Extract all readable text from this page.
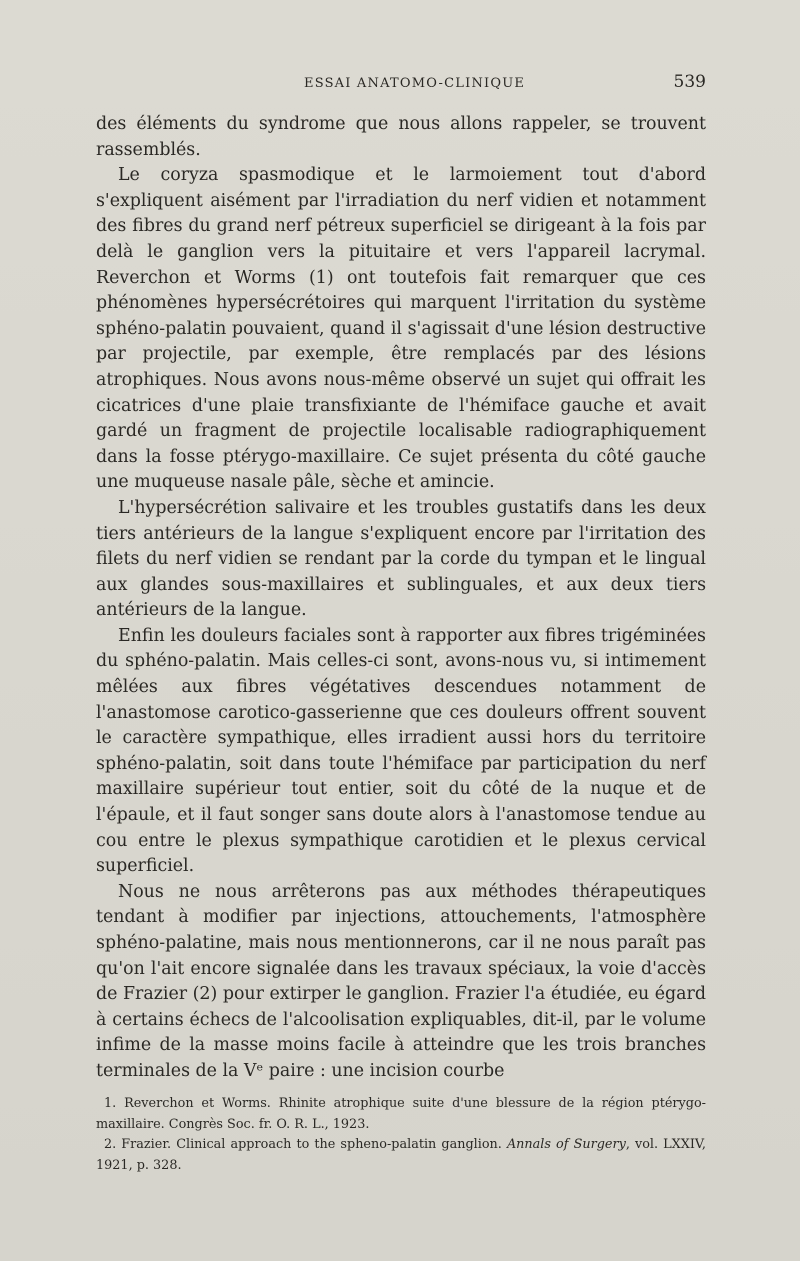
ESSAI ANATOMO-CLINIQUE	539

des éléments du syndrome que nous allons rappeler, se trouvent rassemblés.

Le coryza spasmodique et le larmoiement tout d'abord s'expliquent aisément par l'irradiation du nerf vidien et notamment des fibres du grand nerf pétreux superficiel se dirigeant à la fois par delà le ganglion vers la pituitaire et vers l'appareil lacrymal. Reverchon et Worms (1) ont toutefois fait remarquer que ces phénomènes hypersécrétoires qui marquent l'irritation du système sphéno-palatin pouvaient, quand il s'agissait d'une lésion destructive par projectile, par exemple, être remplacés par des lésions atrophiques. Nous avons nous-même observé un sujet qui offrait les cicatrices d'une plaie transfixiante de l'hémiface gauche et avait gardé un fragment de projectile localisable radiographiquement dans la fosse ptérygo-maxillaire. Ce sujet présenta du côté gauche une muqueuse nasale pâle, sèche et amincie.

L'hypersécrétion salivaire et les troubles gustatifs dans les deux tiers antérieurs de la langue s'expliquent encore par l'irritation des filets du nerf vidien se rendant par la corde du tympan et le lingual aux glandes sous-maxillaires et sublinguales, et aux deux tiers antérieurs de la langue.

Enfin les douleurs faciales sont à rapporter aux fibres trigéminées du sphéno-palatin. Mais celles-ci sont, avons-nous vu, si intimement mêlées aux fibres végétatives descendues notamment de l'anastomose carotico-gasserienne que ces douleurs offrent souvent le caractère sympathique, elles irradient aussi hors du territoire sphéno-palatin, soit dans toute l'hémiface par participation du nerf maxillaire supérieur tout entier, soit du côté de la nuque et de l'épaule, et il faut songer sans doute alors à l'anastomose tendue au cou entre le plexus sympathique carotidien et le plexus cervical superficiel.

Nous ne nous arrêterons pas aux méthodes thérapeutiques tendant à modifier par injections, attouchements, l'atmosphère sphéno-palatine, mais nous mentionnerons, car il ne nous paraît pas qu'on l'ait encore signalée dans les travaux spéciaux, la voie d'accès de Frazier (2) pour extirper le ganglion. Frazier l'a étudiée, eu égard à certains échecs de l'alcoolisation expliquables, dit-il, par le volume infime de la masse moins facile à atteindre que les trois branches terminales de la Vᵉ paire : une incision courbe

1. Reverchon et Worms. Rhinite atrophique suite d'une blessure de la région ptérygo-maxillaire. Congrès Soc. fr. O. R. L., 1923.

2. Frazier. Clinical approach to the spheno-palatin ganglion. Annals of Surgery, vol. LXXIV, 1921, p. 328.
